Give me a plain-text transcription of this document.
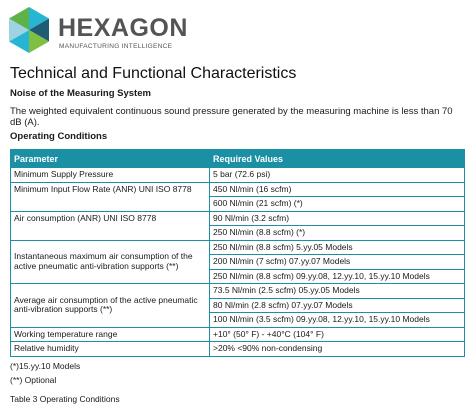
HEXAGON
MANUFACTURING INTELLIGENCE
Technical and Functional Characteristics
Noise of the Measuring System
The weighted equivalent continuous sound pressure generated by the measuring machine is less than 70 dB (A).
Operating Conditions
Parameter	Required Values
Minimum Supply Pressure	5 bar (72.6 psi)
Minimum Input Flow Rate (ANR) UNI ISO 8778	450 Nl/min (16 scfm)
	600 Nl/min (21 scfm) (*)
Air consumption (ANR) UNI ISO 8778	90 Nl/min (3.2 scfm)
	250 Nl/min (8.8 scfm) (*)
Instantaneous maximum air consumption of the active pneumatic anti-vibration supports (**)	250 Nl/min (8.8 scfm) 5.yy.05 Models
	200 Nl/min (7 scfm) 07.yy.07 Models
	250 Nl/min (8.8 scfm) 09.yy.08, 12.yy.10, 15.yy.10 Models
Average air consumption of the active pneumatic anti-vibration supports (**)	73.5 Nl/min (2.5 scfm) 05.yy.05 Models
	80 Nl/min (2.8 scfm) 07.yy.07 Models
	100 Nl/min (3.5 scfm) 09.yy.08, 12.yy.10, 15.yy.10 Models
Working temperature range	+10° (50° F) - +40°C (104° F)
Relative humidity	>20% <90% non-condensing
(*)15.yy.10 Models
(**) Optional
Table 3 Operating Conditions
